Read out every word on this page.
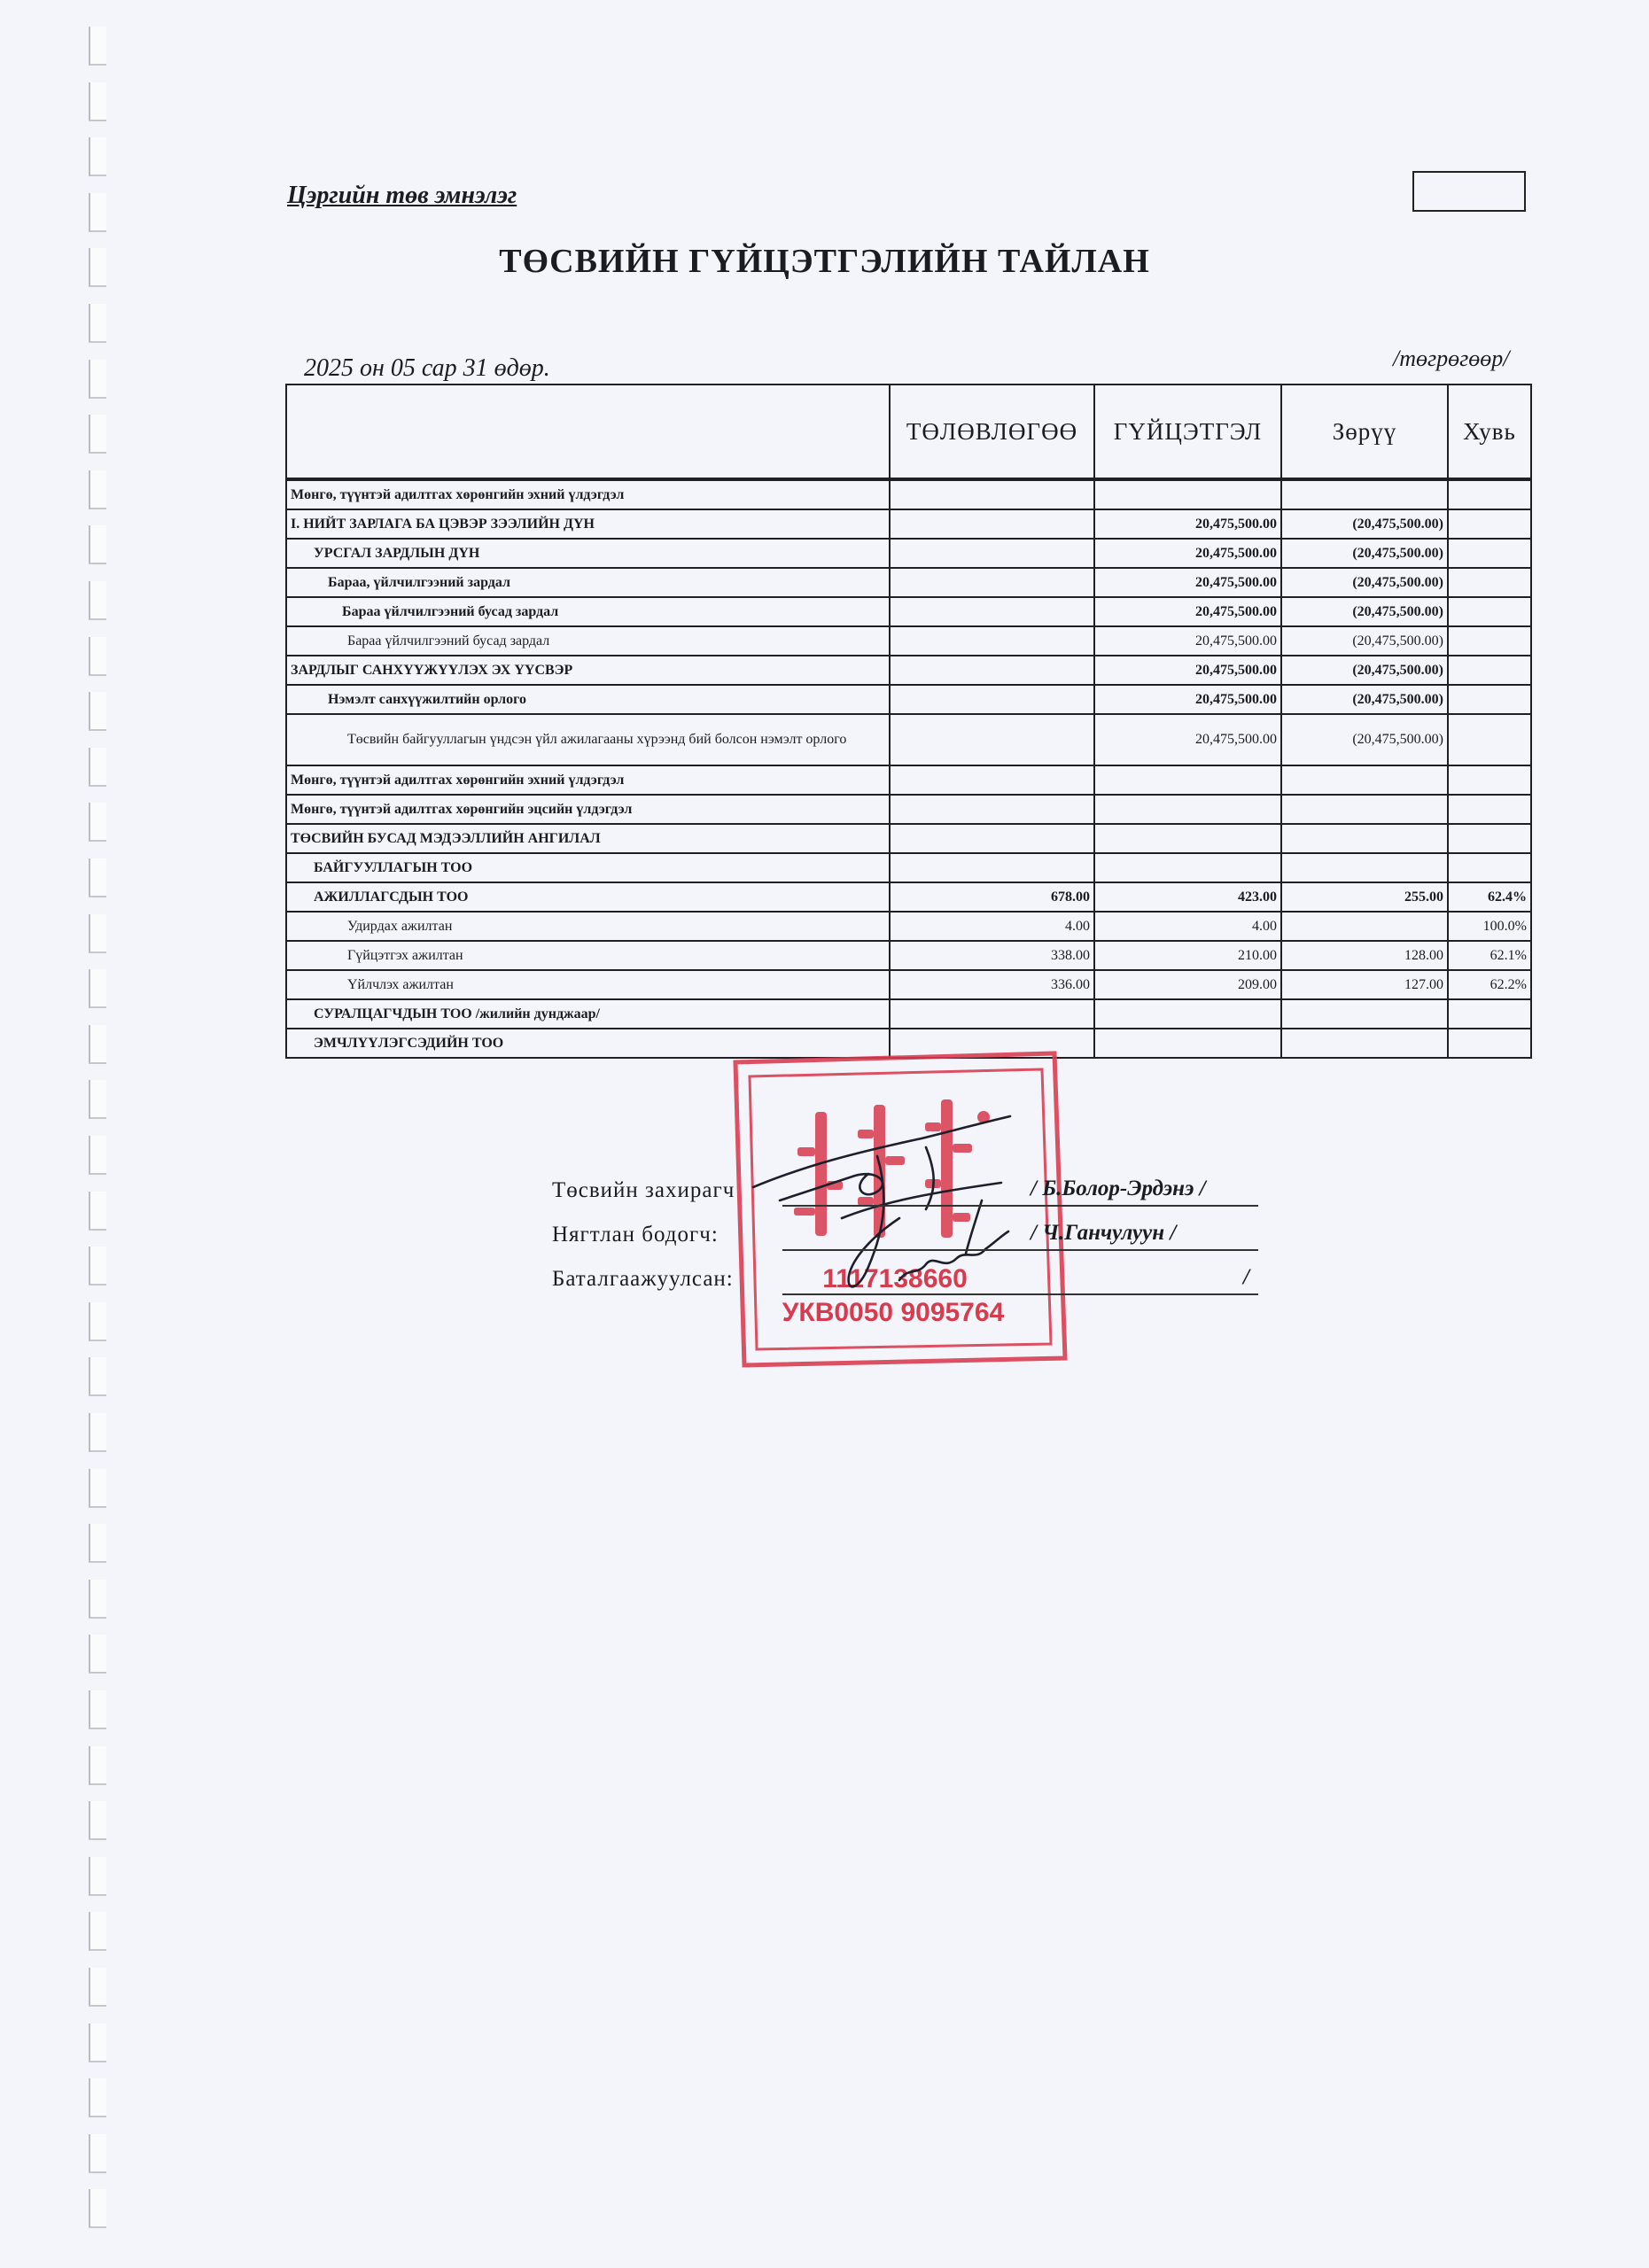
Цэргийн төв эмнэлэг
ТӨСВИЙН ГҮЙЦЭТГЭЛИЙН ТАЙЛАН
2025 он 05 сар 31 өдөр.	/төгрөгөөр/
	ТӨЛӨВЛӨГӨӨ	ГҮЙЦЭТГЭЛ	Зөрүү	Хувь
Мөнгө, түүнтэй адилтгах хөрөнгийн эхний үлдэгдэл				
I. НИЙТ ЗАРЛАГА БА ЦЭВЭР ЗЭЭЛИЙН ДҮН		20,475,500.00	(20,475,500.00)	
УРСГАЛ ЗАРДЛЫН ДҮН		20,475,500.00	(20,475,500.00)	
Бараа, үйлчилгээний зардал		20,475,500.00	(20,475,500.00)	
Бараа үйлчилгээний бусад зардал		20,475,500.00	(20,475,500.00)	
Бараа үйлчилгээний бусад зардал		20,475,500.00	(20,475,500.00)	
ЗАРДЛЫГ САНХҮҮЖҮҮЛЭХ ЭХ ҮҮСВЭР		20,475,500.00	(20,475,500.00)	
Нэмэлт санхүүжилтийн орлого		20,475,500.00	(20,475,500.00)	
Төсвийн байгууллагын үндсэн үйл ажилагааны хүрээнд бий болсон нэмэлт орлого		20,475,500.00	(20,475,500.00)	
Мөнгө, түүнтэй адилтгах хөрөнгийн эхний үлдэгдэл				
Мөнгө, түүнтэй адилтгах хөрөнгийн эцсийн үлдэгдэл				
ТӨСВИЙН БУСАД МЭДЭЭЛЛИЙН АНГИЛАЛ				
БАЙГУУЛЛАГЫН ТОО				
АЖИЛЛАГСДЫН ТОО	678.00	423.00	255.00	62.4%
Удирдах ажилтан	4.00	4.00		100.0%
Гүйцэтгэх ажилтан	338.00	210.00	128.00	62.1%
Үйлчлэх ажилтан	336.00	209.00	127.00	62.2%
СУРАЛЦАГЧДЫН ТОО /жилийн дунджаар/				
ЭМЧЛҮҮЛЭГСЭДИЙН ТОО				
1117138660
УКВ0050 9095764
Төсвийн захирагч	/ Б.Болор-Эрдэнэ /
Нягтлан бодогч:	/ Ч.Ганчулуун /
Баталгаажуулсан:	/
